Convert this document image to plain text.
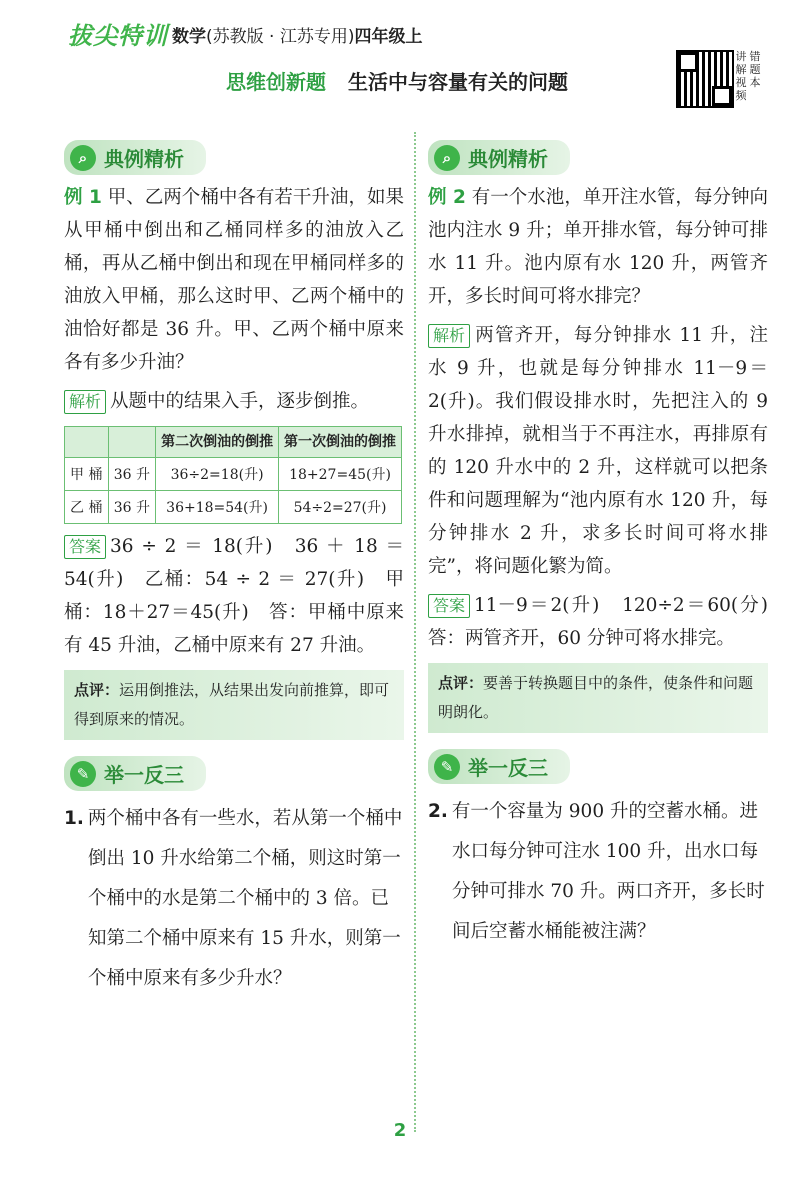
拔尖特训 数学(苏教版 · 江苏专用)四年级上
思维创新题 生活中与容量有关的问题
讲 错
解 题
视 本
频
⌕ 典例精析

例 1 甲、乙两个桶中各有若干升油，如果从甲桶中倒出和乙桶同样多的油放入乙桶，再从乙桶中倒出和现在甲桶同样多的油放入甲桶，那么这时甲、乙两个桶中的油恰好都是 36 升。甲、乙两个桶中原来各有多少升油？

解析 从题中的结果入手，逐步倒推。

		第二次倒油的倒推	第一次倒油的倒推
甲 桶	36 升	36÷2=18(升)	18+27=45(升)
乙 桶	36 升	36+18=54(升)	54÷2=27(升)

答案 36 ÷ 2 ＝ 18(升)　36 ＋ 18 ＝ 54(升)　乙桶：54 ÷ 2 ＝ 27(升)　甲桶：18＋27＝45(升)　答：甲桶中原来有 45 升油，乙桶中原来有 27 升油。

点评：运用倒推法，从结果出发向前推算，即可得到原来的情况。
✎ 举一反三

1. 两个桶中各有一些水，若从第一个桶中倒出 10 升水给第二个桶，则这时第一个桶中的水是第二个桶中的 3 倍。已知第二个桶中原来有 15 升水，则第一个桶中原来有多少升水？

⌕ 典例精析

例 2 有一个水池，单开注水管，每分钟向池内注水 9 升；单开排水管，每分钟可排水 11 升。池内原有水 120 升，两管齐开，多长时间可将水排完？

解析 两管齐开，每分钟排水 11 升，注水 9 升，也就是每分钟排水 11－9＝2(升)。我们假设排水时，先把注入的 9 升水排掉，就相当于不再注水，再排原有的 120 升水中的 2 升，这样就可以把条件和问题理解为“池内原有水 120 升，每分钟排水 2 升，求多长时间可将水排完”，将问题化繁为简。

答案 11－9＝2(升)　120÷2＝60(分)　答：两管齐开，60 分钟可将水排完。

点评：要善于转换题目中的条件，使条件和问题明朗化。
✎ 举一反三

2. 有一个容量为 900 升的空蓄水桶。进水口每分钟可注水 100 升，出水口每分钟可排水 70 升。两口齐开，多长时间后空蓄水桶能被注满？

2
